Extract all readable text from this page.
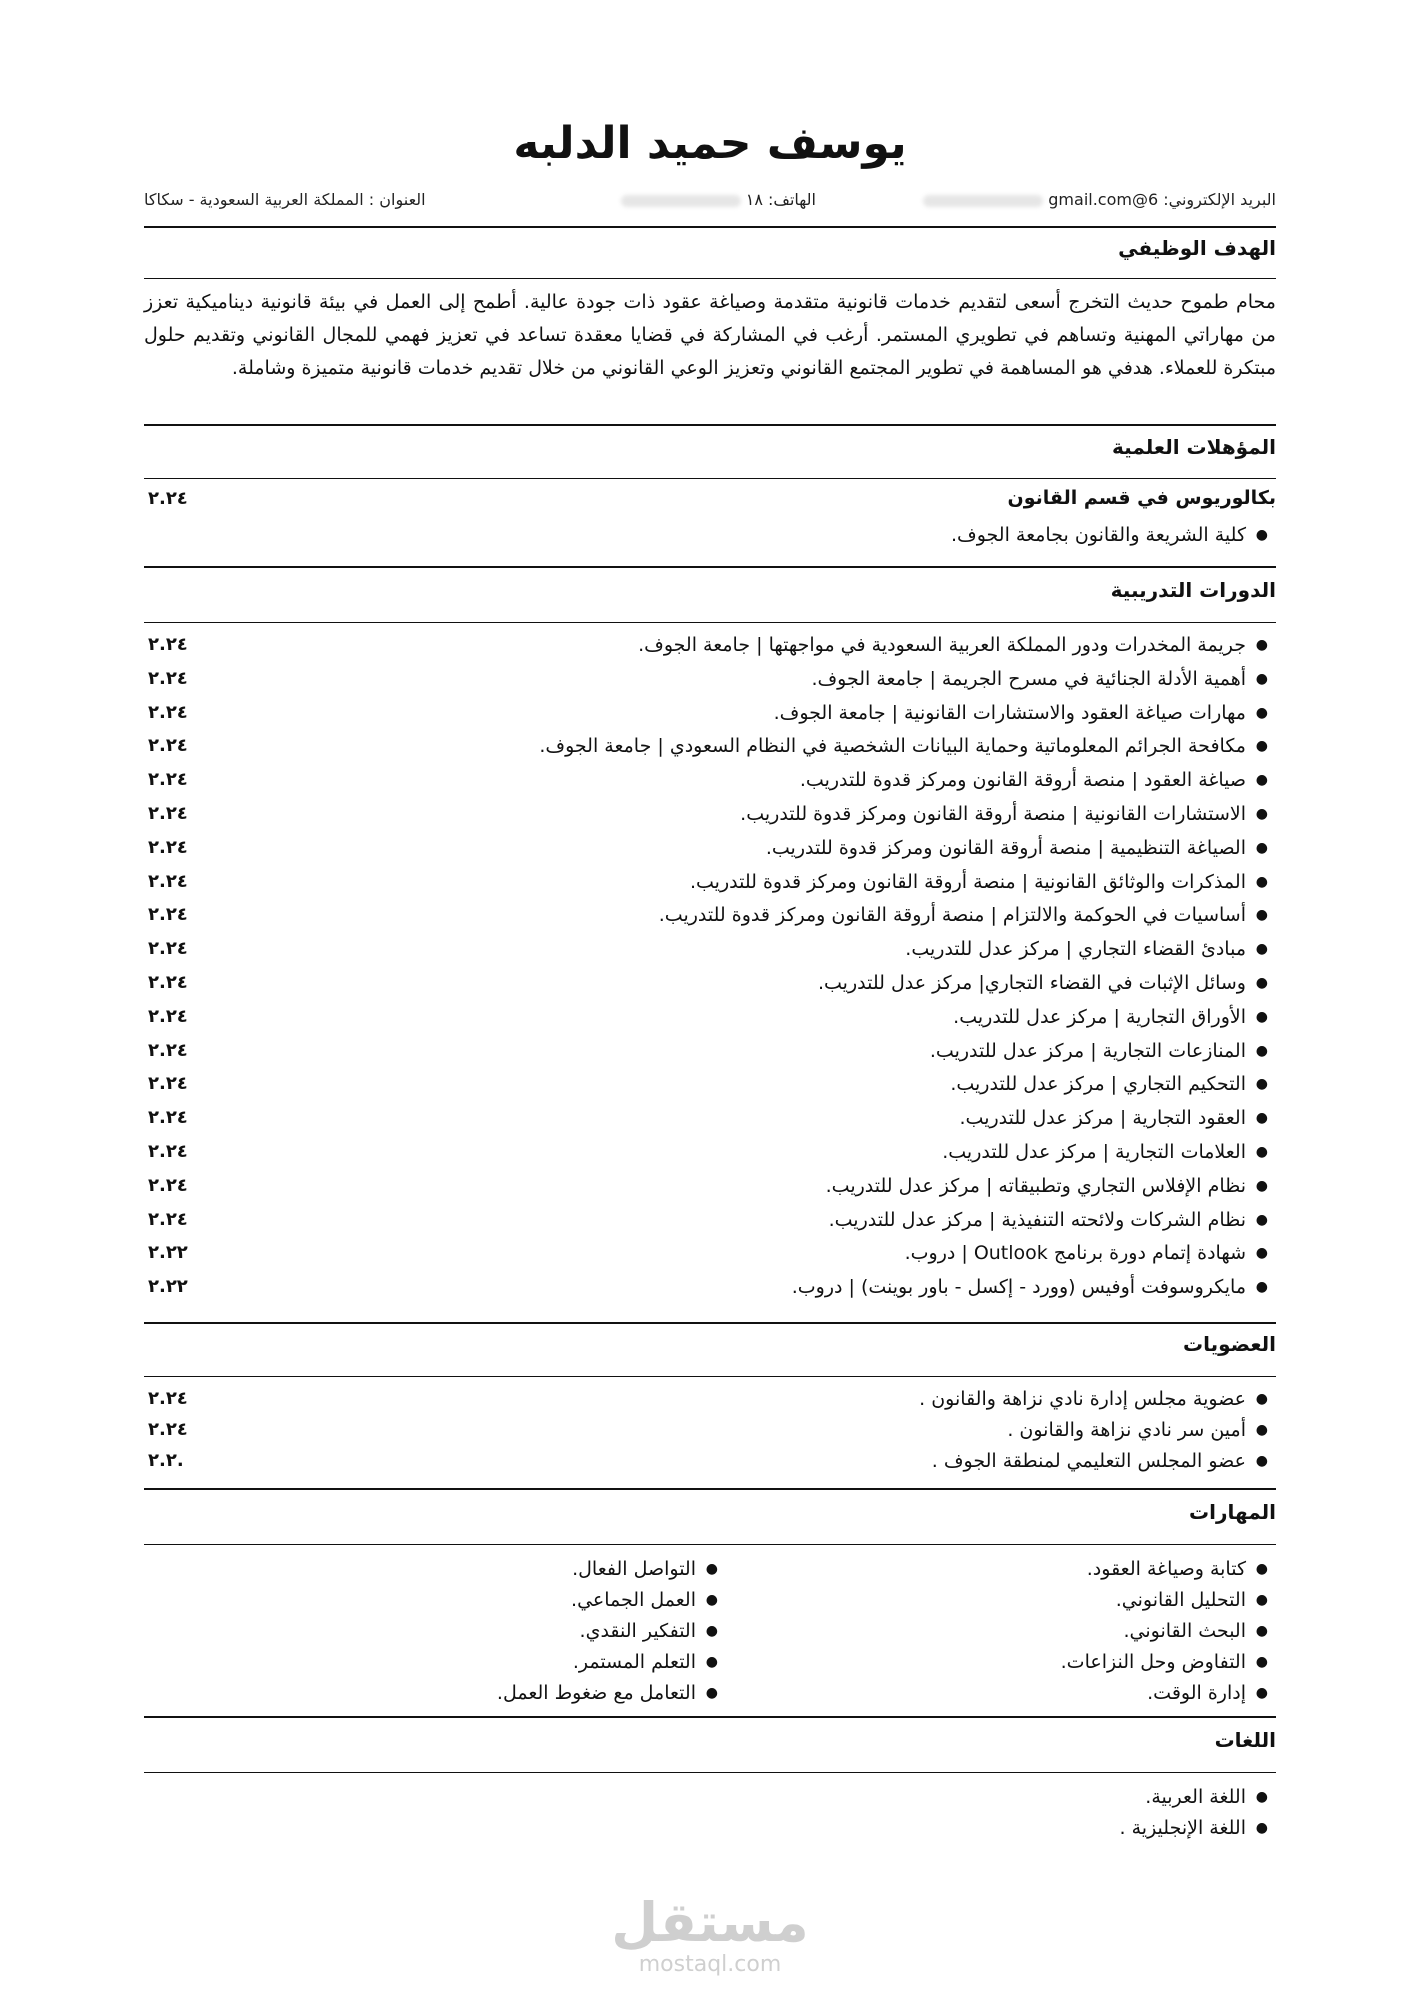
يوسف حميد الدلبه
البريد الإلكتروني: 6@gmail.com
الهاتف: ١٨
العنوان : المملكة العربية السعودية - سكاكا
الهدف الوظيفي
محام طموح حديث التخرج أسعى لتقديم خدمات قانونية متقدمة وصياغة عقود ذات جودة عالية. أطمح إلى العمل في بيئة قانونية ديناميكية تعزز من مهاراتي المهنية وتساهم في تطويري المستمر. أرغب في المشاركة في قضايا معقدة تساعد في تعزيز فهمي للمجال القانوني وتقديم حلول مبتكرة للعملاء. هدفي هو المساهمة في تطوير المجتمع القانوني وتعزيز الوعي القانوني من خلال تقديم خدمات قانونية متميزة وشاملة.
المؤهلات العلمية
بكالوريوس في قسم القانون
٢.٢٤
●
كلية الشريعة والقانون بجامعة الجوف.
الدورات التدريبية
●
جريمة المخدرات ودور المملكة العربية السعودية في مواجهتها | جامعة الجوف.
٢.٢٤
●
أهمية الأدلة الجنائية في مسرح الجريمة | جامعة الجوف.
٢.٢٤
●
مهارات صياغة العقود والاستشارات القانونية | جامعة الجوف.
٢.٢٤
●
مكافحة الجرائم المعلوماتية وحماية البيانات الشخصية في النظام السعودي | جامعة الجوف.
٢.٢٤
●
صياغة العقود | منصة أروقة القانون ومركز قدوة للتدريب.
٢.٢٤
●
الاستشارات القانونية | منصة أروقة القانون ومركز قدوة للتدريب.
٢.٢٤
●
الصياغة التنظيمية | منصة أروقة القانون ومركز قدوة للتدريب.
٢.٢٤
●
المذكرات والوثائق القانونية | منصة أروقة القانون ومركز قدوة للتدريب.
٢.٢٤
●
أساسيات في الحوكمة والالتزام | منصة أروقة القانون ومركز قدوة للتدريب.
٢.٢٤
●
مبادئ القضاء التجاري | مركز عدل للتدريب.
٢.٢٤
●
وسائل الإثبات في القضاء التجاري| مركز عدل للتدريب.
٢.٢٤
●
الأوراق التجارية | مركز عدل للتدريب.
٢.٢٤
●
المنازعات التجارية | مركز عدل للتدريب.
٢.٢٤
●
التحكيم التجاري | مركز عدل للتدريب.
٢.٢٤
●
العقود التجارية | مركز عدل للتدريب.
٢.٢٤
●
العلامات التجارية | مركز عدل للتدريب.
٢.٢٤
●
نظام الإفلاس التجاري وتطبيقاته | مركز عدل للتدريب.
٢.٢٤
●
نظام الشركات ولائحته التنفيذية | مركز عدل للتدريب.
٢.٢٤
●
شهادة إتمام دورة برنامج Outlook | دروب.
٢.٢٢
●
مايكروسوفت أوفيس (وورد - إكسل - باور بوينت) | دروب.
٢.٢٢
العضويات
●
عضوية مجلس إدارة نادي نزاهة والقانون .
٢.٢٤
●
أمين سر نادي نزاهة والقانون .
٢.٢٤
●
عضو المجلس التعليمي لمنطقة الجوف .
٢.٢.
المهارات
●
كتابة وصياغة العقود.
●
التحليل القانوني.
●
البحث القانوني.
●
التفاوض وحل النزاعات.
●
إدارة الوقت.
●
التواصل الفعال.
●
العمل الجماعي.
●
التفكير النقدي.
●
التعلم المستمر.
●
التعامل مع ضغوط العمل.
اللغات
●
اللغة العربية.
●
اللغة الإنجليزية .
مستقل
mostaql.com
